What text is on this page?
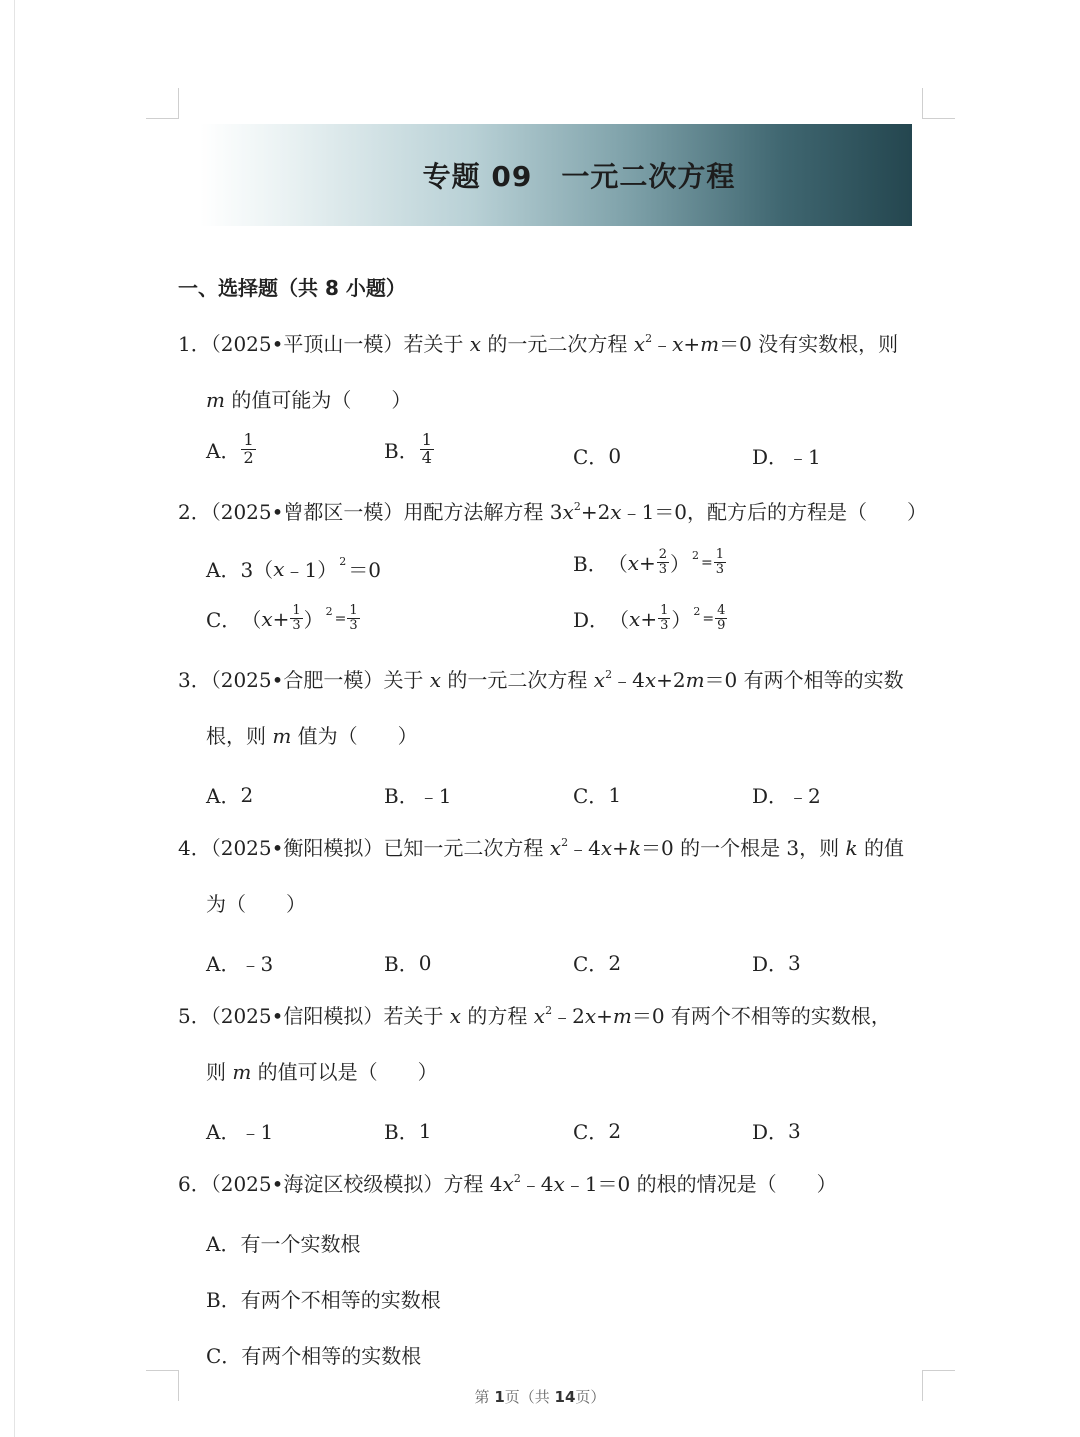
专题 09　一元二次方程
一、选择题（共 8 小题）
1．（2025•平顶山一模）若关于 x 的一元二次方程 $x^2﹣x+m=0$ 没有实数根，则
m 的值可能为（　　）
A． $\frac{1}{2}$	B． $\frac{1}{4}$	C． 0	D． ﹣1
2．（2025•曾都区一模）用配方法解方程 $3x^2+2x﹣1=0$，配方后的方程是（　　）
A． 3（ x ﹣1） 2 ＝0	B． （ $x + \frac{2}{3}$ ） $2 = \frac{1}{3}$
C． （ $x + \frac{1}{3}$ ） $2 = \frac{1}{3}$	D． （ $x + \frac{1}{3}$ ） $2 = \frac{4}{9}$
3．（2025•合肥一模）关于 x 的一元二次方程 $x^2﹣4x+2m=0$ 有两个相等的实数
根，则 m 值为（　　）
A． 2	B． ﹣1	C． 1	D． ﹣2
4．（2025•衡阳模拟）已知一元二次方程 $x^2﹣4x+k=0$ 的一个根是 3，则 k 的值
为（　　）
A． ﹣3	B． 0	C． 2	D． 3
5．（2025•信阳模拟）若关于 x 的方程 $x^2﹣2x+m=0$ 有两个不相等的实数根，
则 m 的值可以是（　　）
A． ﹣1	B． 1	C． 2	D． 3
6．（2025•海淀区校级模拟）方程 $4x^2﹣4x﹣1=0$ 的根的情况是（　　）
A． 有一个实数根
B． 有两个不相等的实数根
C． 有两个相等的实数根
第 1页（共 14页）
